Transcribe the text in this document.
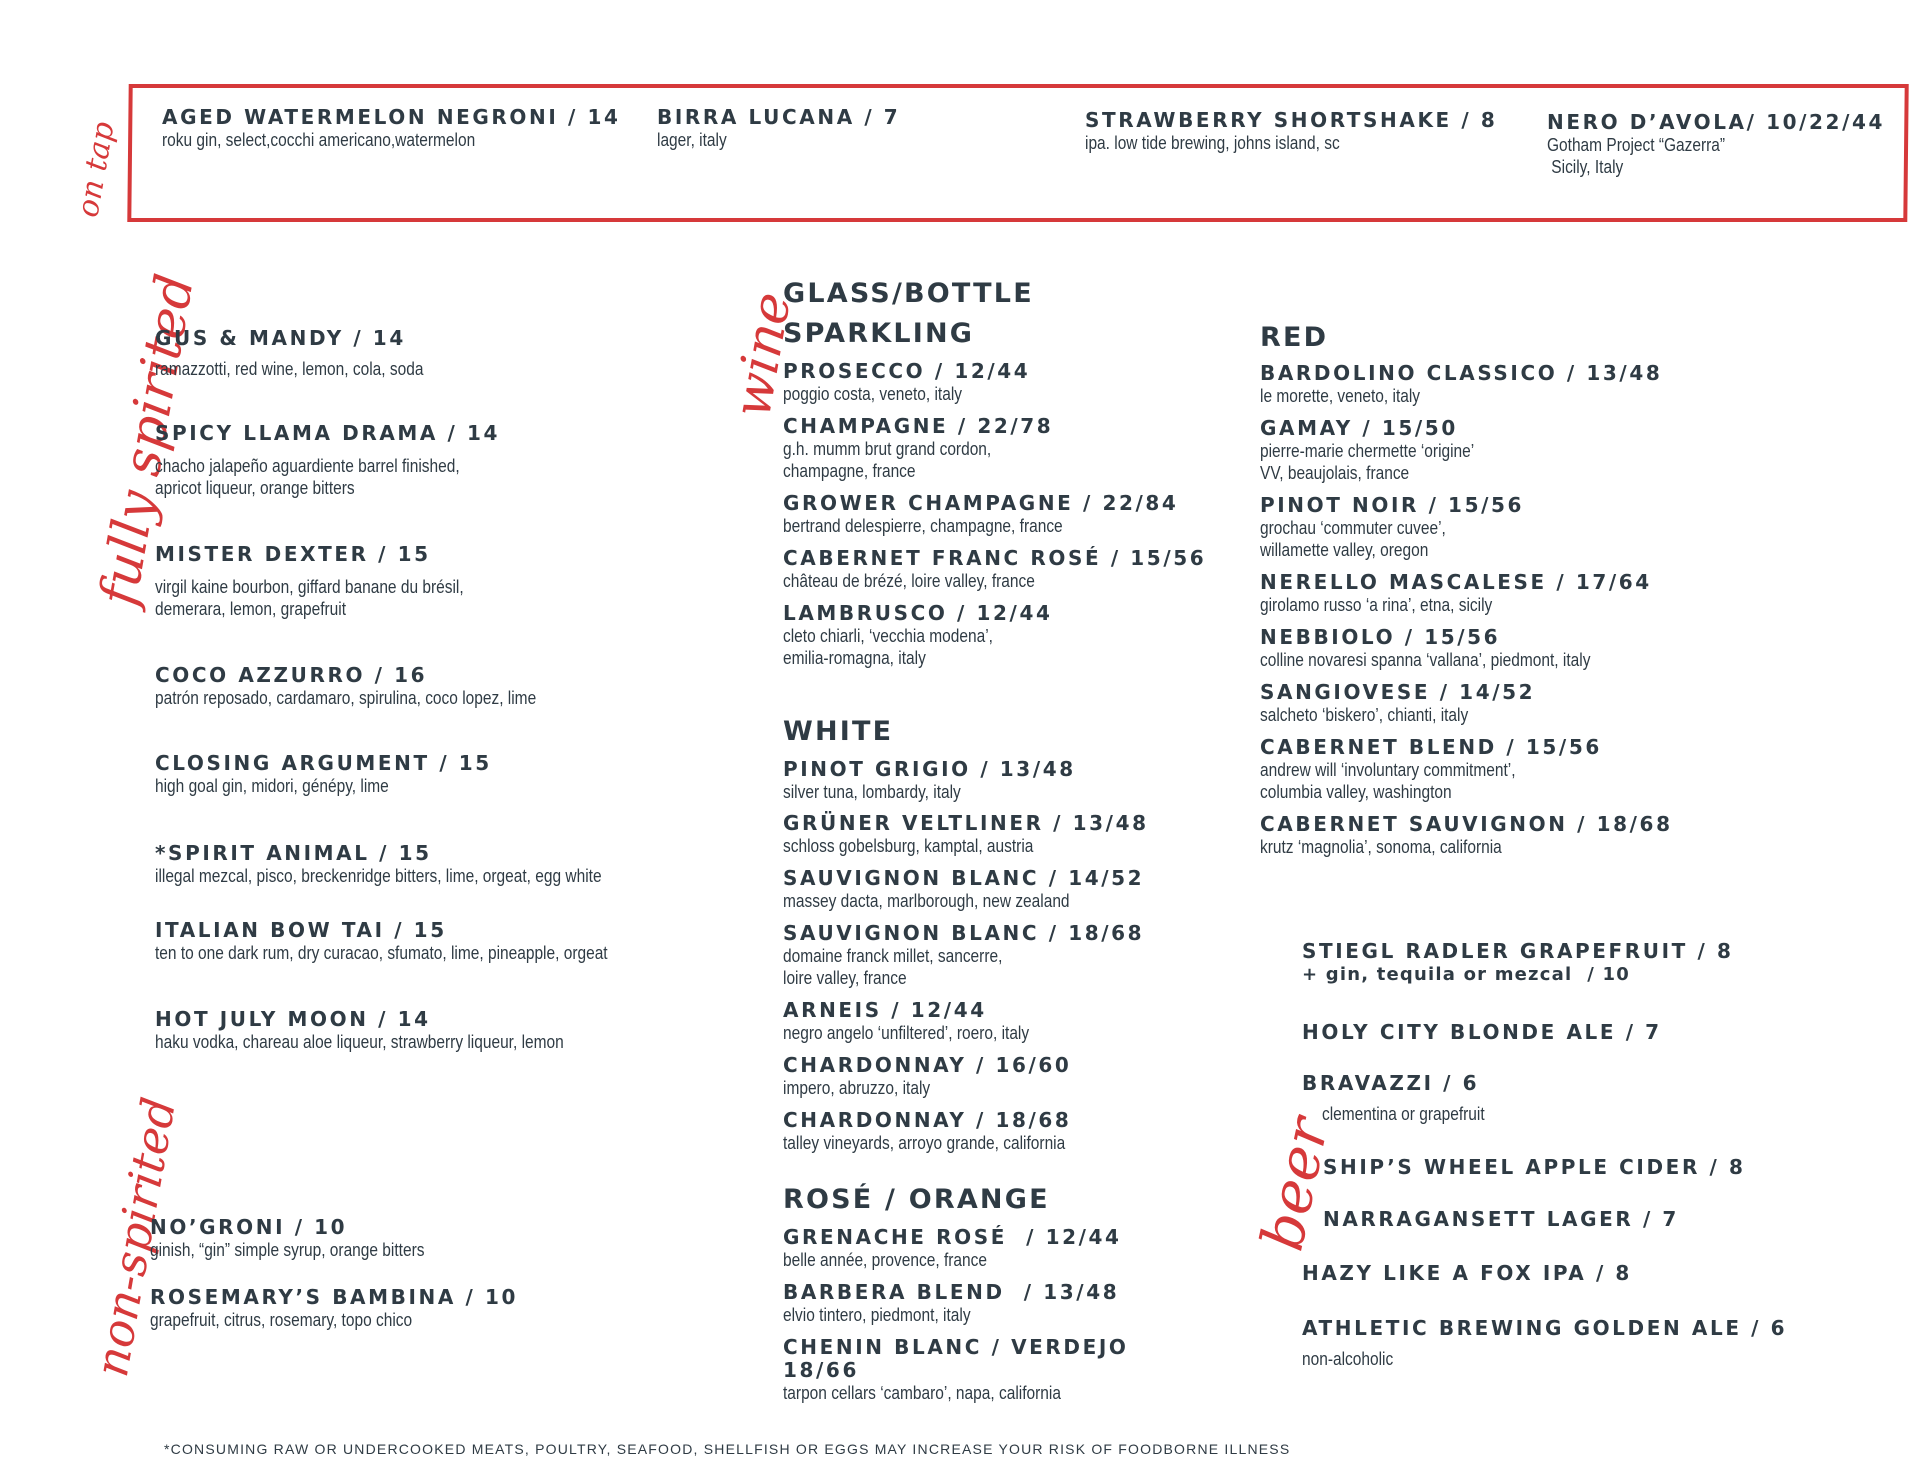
on tap
AGED WATERMELON NEGRONI / 14
roku gin, select,cocchi americano,watermelon
BIRRA LUCANA / 7
lager, italy
STRAWBERRY SHORTSHAKE / 8
ipa. low tide brewing, johns island, sc
NERO D’AVOLA/ 10/22/44
Gotham Project “Gazerra”
Sicily, Italy
fully spirited
GUS & MANDY / 14
ramazzotti, red wine, lemon, cola, soda
SPICY LLAMA DRAMA / 14
chacho jalapeño aguardiente barrel finished,
apricot liqueur, orange bitters
MISTER DEXTER / 15
virgil kaine bourbon, giffard banane du brésil,
demerara, lemon, grapefruit
COCO AZZURRO / 16
patrón reposado, cardamaro, spirulina, coco lopez, lime
CLOSING ARGUMENT / 15
high goal gin, midori, génépy, lime
*SPIRIT ANIMAL / 15
illegal mezcal, pisco, breckenridge bitters, lime, orgeat, egg white
ITALIAN BOW TAI / 15
ten to one dark rum, dry curacao, sfumato, lime, pineapple, orgeat
HOT JULY MOON / 14
haku vodka, chareau aloe liqueur, strawberry liqueur, lemon
non-spirited
NO’GRONI / 10
ginish, “gin” simple syrup, orange bitters
ROSEMARY’S BAMBINA / 10
grapefruit, citrus, rosemary, topo chico
wine
GLASS/BOTTLE
SPARKLING
PROSECCO / 12/44
poggio costa, veneto, italy
CHAMPAGNE / 22/78
g.h. mumm brut grand cordon,
champagne, france
GROWER CHAMPAGNE / 22/84
bertrand delespierre, champagne, france
CABERNET FRANC ROSÉ / 15/56
château de brézé, loire valley, france
LAMBRUSCO / 12/44
cleto chiarli, ‘vecchia modena’,
emilia-romagna, italy
WHITE
PINOT GRIGIO / 13/48
silver tuna, lombardy, italy
GRÜNER VELTLINER / 13/48
schloss gobelsburg, kamptal, austria
SAUVIGNON BLANC / 14/52
massey dacta, marlborough, new zealand
SAUVIGNON BLANC / 18/68
domaine franck millet, sancerre,
loire valley, france
ARNEIS / 12/44
negro angelo ‘unfiltered’, roero, italy
CHARDONNAY / 16/60
impero, abruzzo, italy
CHARDONNAY / 18/68
talley vineyards, arroyo grande, california
ROSÉ / ORANGE
GRENACHE ROSÉ  / 12/44
belle année, provence, france
BARBERA BLEND  / 13/48
elvio tintero, piedmont, italy
CHENIN BLANC / VERDEJO
18/66
tarpon cellars ‘cambaro’, napa, california
RED
BARDOLINO CLASSICO / 13/48
le morette, veneto, italy
GAMAY / 15/50
pierre-marie chermette ‘origine’
VV, beaujolais, france
PINOT NOIR / 15/56
grochau ‘commuter cuvee’,
willamette valley, oregon
NERELLO MASCALESE / 17/64
girolamo russo ‘a rina’, etna, sicily
NEBBIOLO / 15/56
colline novaresi spanna ‘vallana’, piedmont, italy
SANGIOVESE / 14/52
salcheto ‘biskero’, chianti, italy
CABERNET BLEND / 15/56
andrew will ‘involuntary commitment’,
columbia valley, washington
CABERNET SAUVIGNON / 18/68
krutz ‘magnolia’, sonoma, california
beer
STIEGL RADLER GRAPEFRUIT / 8
+ gin, tequila or mezcal  / 10
HOLY CITY BLONDE ALE / 7
BRAVAZZI / 6
clementina or grapefruit
SHIP’S WHEEL APPLE CIDER / 8
NARRAGANSETT LAGER / 7
HAZY LIKE A FOX IPA / 8
ATHLETIC BREWING GOLDEN ALE / 6
non-alcoholic
*CONSUMING RAW OR UNDERCOOKED MEATS, POULTRY, SEAFOOD, SHELLFISH OR EGGS MAY INCREASE YOUR RISK OF FOODBORNE ILLNESS
